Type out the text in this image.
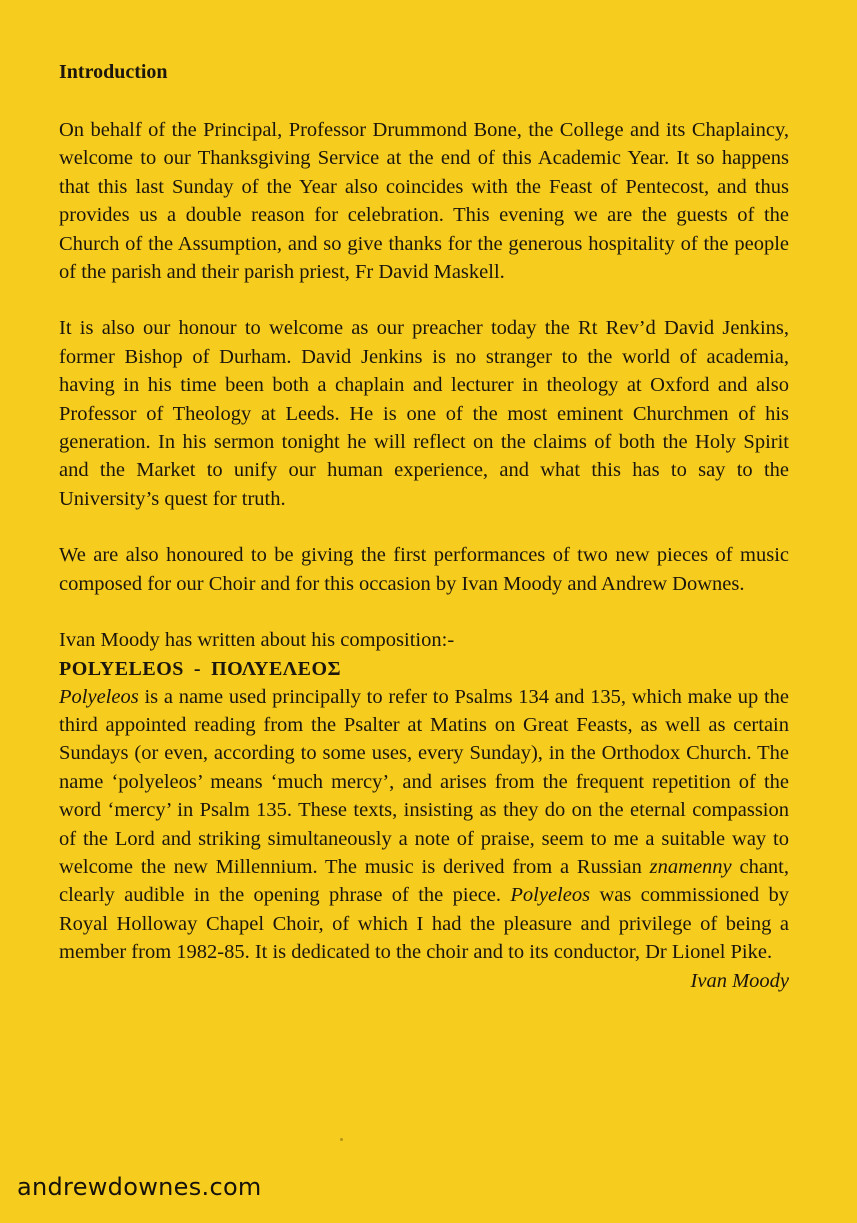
Introduction

On behalf of the Principal, Professor Drummond Bone, the College and its Chaplaincy, welcome to our Thanksgiving Service at the end of this Academic Year. It so happens that this last Sunday of the Year also coincides with the Feast of Pentecost, and thus provides us a double reason for celebration. This evening we are the guests of the Church of the Assumption, and so give thanks for the generous hospitality of the people of the parish and their parish priest, Fr David Maskell.

It is also our honour to welcome as our preacher today the Rt Rev’d David Jenkins, former Bishop of Durham. David Jenkins is no stranger to the world of academia, having in his time been both a chaplain and lecturer in theology at Oxford and also Professor of Theology at Leeds. He is one of the most eminent Churchmen of his generation. In his sermon tonight he will reflect on the claims of both the Holy Spirit and the Market to unify our human experience, and what this has to say to the University’s quest for truth.

We are also honoured to be giving the first performances of two new pieces of music composed for our Choir and for this occasion by Ivan Moody and Andrew Downes.

Ivan Moody has written about his composition:-

POLYELEOS - ΠΟΛΥΕΛΕΟΣ

Polyeleos is a name used principally to refer to Psalms 134 and 135, which make up the third appointed reading from the Psalter at Matins on Great Feasts, as well as certain Sundays (or even, according to some uses, every Sunday), in the Orthodox Church. The name ‘polyeleos’ means ‘much mercy’, and arises from the frequent repetition of the word ‘mercy’ in Psalm 135. These texts, insisting as they do on the eternal compassion of the Lord and striking simultaneously a note of praise, seem to me a suitable way to welcome the new Millennium. The music is derived from a Russian znamenny chant, clearly audible in the opening phrase of the piece. Polyeleos was commissioned by Royal Holloway Chapel Choir, of which I had the pleasure and privilege of being a member from 1982-85. It is dedicated to the choir and to its conductor, Dr Lionel Pike.

Ivan Moody

andrewdownes.com
